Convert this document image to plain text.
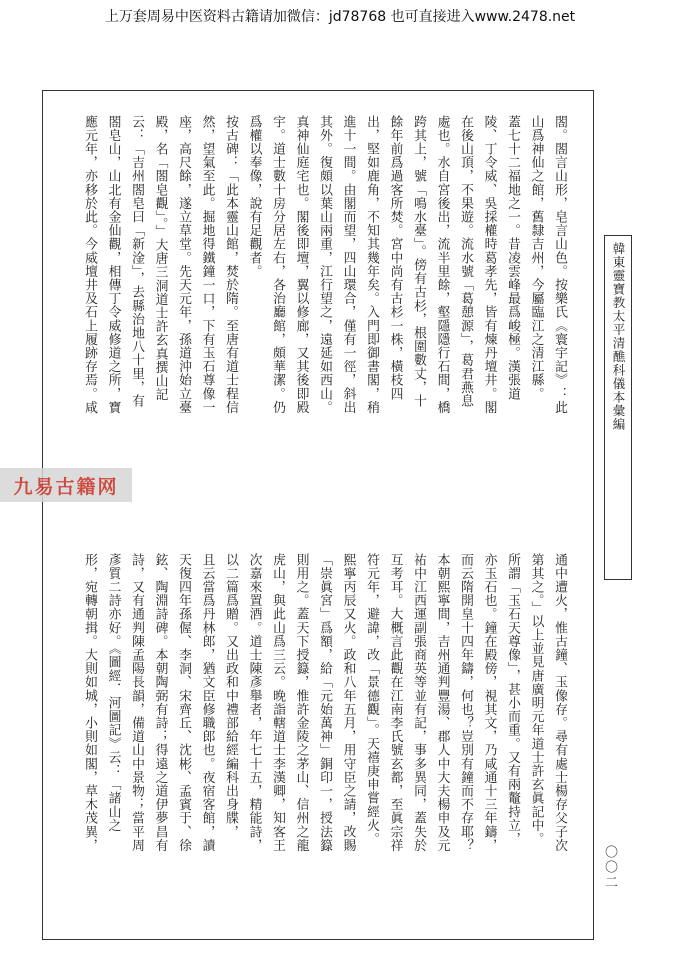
上万套周易中医资料古籍请加微信：jd78768 也可直接进入www.2478.net
閤。閤言山形，皂言山色。按樂氏《寰宇記》：此
山爲神仙之館，舊隸吉州，今屬臨江之清江縣。
蓋七十二福地之一。昔凌雲峰最爲峻極。漢張道
陵、丁令威、吳採權時葛孝先，皆有煉丹壇井。閣
在後山頂，不果遊。流水號「葛憩源」，葛君燕息
處也。水自宮後出，流半里餘，壑隱隱行石間，橋
跨其上，號「鳴水臺」。傍有古杉，根圍數丈，十
餘年前爲過客所焚。宮中尚有古杉一株，橫枝四
出，堅如鹿角，不知其幾年矣。入門即御書閣，稍
進十一間。由閣而望，四山環合，僅有一徑，斜出
其外。復頗以葉山兩重，江行望之，遠延如西山。
真神仙庭宅也。閣後即壇，翼以修廊，又其後即殿
宇。道士數十房分居左右，各治廳館，頗華潔。仍
爲權以奉像，說有足觀者。
按古碑：「此本靈山館，焚於隋。至唐有道士程信
然，望氣至此。掘地得鐵鐘一口，下有玉石尊像一
座，高尺餘，遂立草堂。先天元年，孫道沖始立臺
殿，名「閤皂觀」。」大唐三洞道士許玄真撰山記
云：「吉州閤皂曰「新淦」，去縣治地八十里，有
閤皂山，山北有金仙觀，相傳丁令威修道之所，寶
應元年，亦移於此。今威壇井及石上履跡存焉。咸
通中遭火，惟古鐘、玉像存。尋有處士楊存父子次
第其之。」以上並見唐廣明元年道士許玄眞記中。
所謂「玉石天尊像」，甚小而重。又有兩鼇持立，
亦玉石也。鐘在殿傍，視其文，乃咸通十三年鑄，
而云隋開皇十四年鑄，何也？豈別有鐘而不存耶？
本朝熙寧間，吉州通判豐湯、郡人中大夫楊申及元
祐中江西運副張商英等並有記，事多異同，蓋失於
互考耳。大概言此觀在江南李氏號玄都，至眞宗祥
符元年，避諱，改「景德觀」。天禧庚申嘗經火。
熙寧丙辰又火。政和八年五月，用守臣之請，改賜
「崇眞宮」爲額，給「元始萬神」銅印一，授法籙
則用之。蓋天下授籙，惟許金陵之茅山、信州之龍
虎山，與此山爲三云。晚詣轄道士李漢卿，知客王
次嘉來置酒。道士陳彥舉者，年七十五，精能詩，
以二篇爲贈。又出政和中禮部給經編科出身牒，
且云當爲丹林郎，猶文臣修職郎也。夜宿客館，讀
天復四年孫偓、李洞、宋齊丘、沈彬、孟賓于、徐
鉉、陶淵詩碑。本朝陶弼有詩；得遠之道伊夢昌有
詩，又有通判陳孟陽長韻，備道山中景物；當平周
彥質二詩亦好。《圖經．河圖記》云：「諸山之
形，宛轉朝揖。大則如城，小則如閣，草木茂異，
韓東靈寶教太平清醮科儀本彙編
〇〇二
九易古籍网
